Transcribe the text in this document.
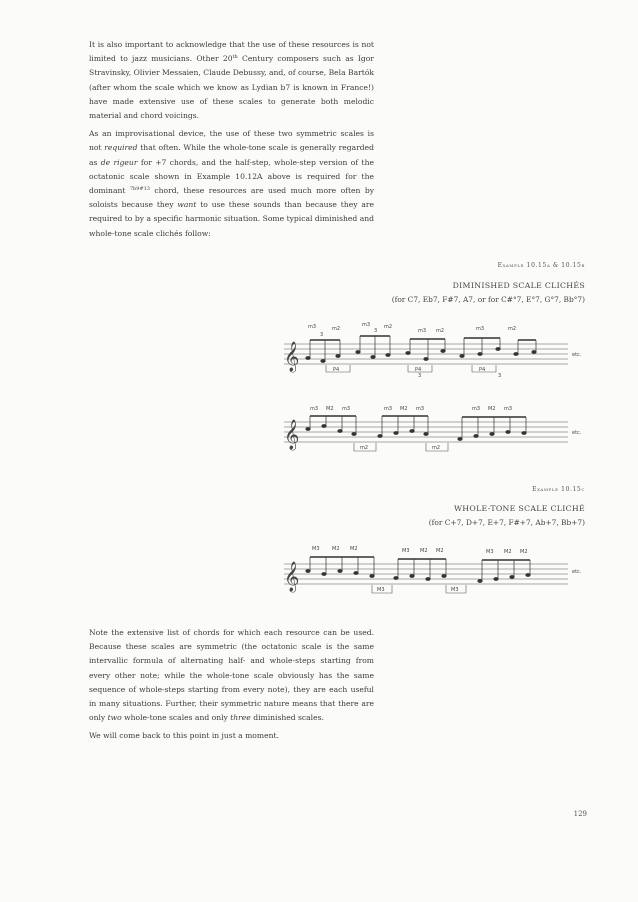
It is also important to acknowledge that the use of these resources is not limited to jazz musicians. Other 20th Century composers such as Igor Stravinsky, Olivier Messaien, Claude Debussy, and, of course, Bela Bartók (after whom the scale which we know as Lydian b7 is known in France!) have made extensive use of these scales to generate both melodic material and chord voicings.

As an improvisational device, the use of these two symmetric scales is not required that often. While the whole-tone scale is generally regarded as de rigeur for +7 chords, and the half-step, whole-step version of the octatonic scale shown in Example 10.12A above is required for the dominant $^{7b9\#13}$ chord, these resources are used much more often by soloists because they want to use these sounds than because they are required to by a specific harmonic situation. Some typical diminished and whole-tone scale clichés follow:

Example 10.15a & 10.15b
DIMINISHED SCALE CLICHÉS
(for C7, Eb7, F#7, A7, or for C#°7, E°7, G°7, Bb°7)
𝄞
m3	m2
3
m3
3
m2
m3 m2	m3	m2
etc.
3	3
P4	P4	P4
𝄞
m3 M2 m3	m3 M2 m3	m3 M2 m3
etc.
m2	m2
Example 10.15c
WHOLE-TONE SCALE CLICHÉ
(for C+7, D+7, E+7, F#+7, Ab+7, Bb+7)
𝄞
M3	M2 M2	M3 M2 M2	M3 M2 M2
etc.
M3	M3

Note the extensive list of chords for which each resource can be used. Because these scales are symmetric (the octatonic scale is the same intervallic formula of alternating half- and whole-steps starting from every other note; while the whole-tone scale obviously has the same sequence of whole-steps starting from every note), they are each useful in many situations. Further, their symmetric nature means that there are only two whole-tone scales and only three diminished scales.

We will come back to this point in just a moment.

129
